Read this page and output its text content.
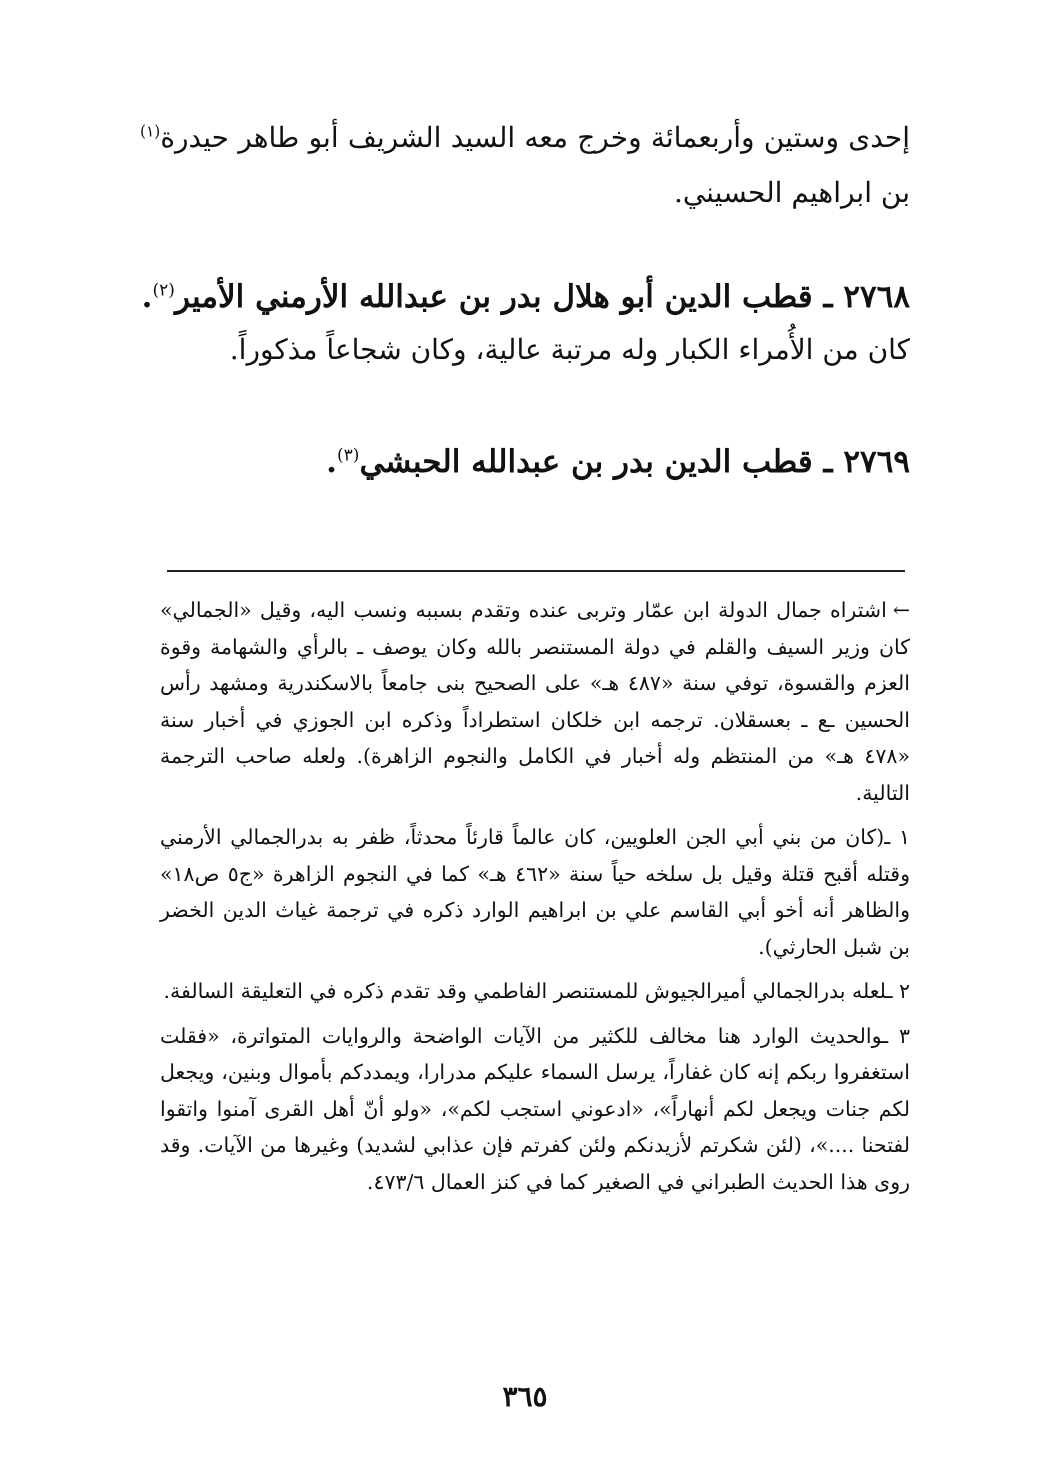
إحدى وستين وأربعمائة وخرج معه السيد الشريف أبو طاهر حيدرة$^{(١)}$ بن ابراهيم الحسيني.

٢٧٦٨ ـ قطب الدين أبو هلال بدر بن عبدالله الأرمني الأمير$^{(٢)}$.

كان من الأُمراء الكبار وله مرتبة عالية، وكان شجاعاً مذكوراً.

٢٧٦٩ ـ قطب الدين بدر بن عبدالله الحبشي$^{(٣)}$.

←اشتراه جمال الدولة ابن عمّار وتربى عنده وتقدم بسببه ونسب اليه، وقيل «الجمالي» كان وزير السيف والقلم في دولة المستنصر بالله وكان يوصف ـ بالرأي والشهامة وقوة العزم والقسوة، توفي سنة «٤٨٧ هـ» على الصحيح بنى جامعاً بالاسكندرية ومشهد رأس الحسين ـع ـ بعسقلان. ترجمه ابن خلكان استطراداً وذكره ابن الجوزي في أخبار سنة «٤٧٨ هـ» من المنتظم وله أخبار في الكامل والنجوم الزاهرة). ولعله صاحب الترجمة التالية.

١ ـ(كان من بني أبي الجن العلويين، كان عالماً قارئاً محدثاً، ظفر به بدرالجمالي الأرمني وقتله أقبح قتلة وقيل بل سلخه حياً سنة «٤٦٢ هـ» كما في النجوم الزاهرة «ج٥ ص١٨» والظاهر أنه أخو أبي القاسم علي بن ابراهيم الوارد ذكره في ترجمة غياث الدين الخضر بن شبل الحارثي).

٢ ـلعله بدرالجمالي أميرالجيوش للمستنصر الفاطمي وقد تقدم ذكره في التعليقة السالفة.

٣ ـوالحديث الوارد هنا مخالف للكثير من الآيات الواضحة والروايات المتواترة، «فقلت استغفروا ربكم إنه كان غفاراً، يرسل السماء عليكم مدرارا، ويمددكم بأموال وبنين، ويجعل لكم جنات ويجعل لكم أنهاراً»، «ادعوني استجب لكم»، «ولو أنّ أهل القرى آمنوا واتقوا لفتحنا ....»، (لئن شكرتم لأزيدنكم ولئن كفرتم فإن عذابي لشديد) وغيرها من الآيات. وقد روى هذا الحديث الطبراني في الصغير كما في كنز العمال ٤٧٣/٦.

٣٦٥
